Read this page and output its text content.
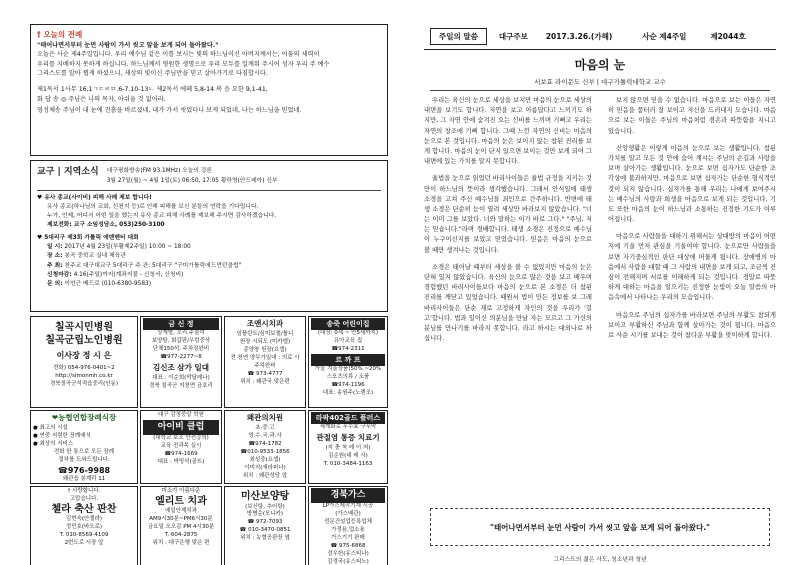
† 오늘의 전례
"태어나면서부터 눈먼 사람이 가서 씻고 앞을 보게 되어 돌아왔다."
오늘은 사순 제4주일입니다. 우리 예수님 같은 이를 보시는 빛의 하느님이신 아버지께서는, 어둠의 세력이
우리를 지배하지 못하게 하십니다. 하느님께서 영원한 생명으로 우리 모두를 일깨워 주시어 성자 우리 주 예수
그리스도를 알아 뵙게 하셨으니, 세상의 빛이신 주님만을 믿고 살아가기로 다짐합시다.
제1독서 1사무 16,1ㄱㄷㄹㅁ.6-7.10-13ㄴ 제2독서 에페 5,8-14 복 음 요한 9,1-41,
화 답 송 ◎ 주님은 나의 목자, 아쉬울 것 없어라.
영성체송 주님이 내 눈에 진흙을 바르셨네, 내가 가서 씻었더니 보게 되었네, 나는 하느님을 믿었네.
교구 | 지역소식 대구평화방송(FM 93.1MHz) 오늘의 강론
3월 27일(월) ~ 4월 1일(토) 06:50, 17:05 황하영(안드레아) 신부
♥ 유사 종교(사이비) 피해 사례 제보 합니다!
유사 종교(하나님의 교회, 신천지 등)로 인해 피해를 보신 분들의 연락을 기다립니다.
누가, 언제, 어디서 어떤 일을 했는지 유사 종교 피해 사례를 제보해 주시면 감사하겠습니다.
제보전화: 교구 소임성담소, 053)250-3100
♥ 5대리구 제3회 가톨릭 에덴벤터 대회
일 시: 2017년 4월 23일(부활제2주일) 10:00 ~ 18:00
장 소: 봉곡 중학교 실내 체육관
주 최: 천주교 대구대교구 5대리구 주 관: 5대리구 "구미가톨릭에드먼턴클럽"
신청마감: 4.16(주일)까지(계좌지불 - 신청서, 신청비)
문 의: 이언근 베드로 (010-6380-9583)
칠곡시민병원
칠곡군립노인병원
이사장 정 시 은
전화) 054-976-0401~2
http://simonmh.co.kr
경북칠곡군석적읍중리(인동)
금 신 정
상계형, 오리 주물럭
보양탕, 회갑판/우렁중삭
단체150석, 주차장완비
☎977-2277~8
김신조 삼가 일대
대표 : 이순희(막달레나)
경북 칠곡군 지천면 금호리
조앤시치과
임플란트/심미보철/틀니
원장 시되도 (미카엘)
종양창 원장(요셉)
전 천연 양무가일대 : 의료 사
주차완비
☎ 973-4777
위치 : 왜관국 맞은편
송죽 어린이집
(대상: 0세 ~ 만5세까지)
유아교육 집
☎974-2311
르 까 프
가을 겨울상품(50% ~20%
스포츠의류 / 소품
☎974-1196
대표: 송원주(노렌조)
❤농협연합장례식장
● 최고의 시설
● 연중 저렴한 장례예식
● 최상의 서비스
전화 한 통으로 모든 장례
절차를 도와드립니다.
☎976-9988
왜관읍 봉계리 11
대구 감정중앙 학원
아이비 클럽
(대학교 보조 안전강의)
교육 전과목 실시
☎974-1669
대표 : 박빙석(골뜨)
왜관의치원
초·중·고
영.수.국.과.사
☎974-1782
☎010-9533-1856
최성중(요셉)
이미지(새라피나)
위치 : 왜관성당 앞
라팍402골드 플러스
세계화로 무수효 구무막
관절염 통증 치료기
(지 충 척 레 이 저)
김순원(대 레 사)
T. 010-3484-1163
† 사랑합니다.
고맙습니다.
첼라 축산 판찬
김현숙(안젤라)
정민호(바오로)
T. 010-8569-4109
2번도로 시장 앞
미소가 아름다운
엘리트 치과
예일안제치과
AM9시30분~PM6시30분
금요일 오오감 PM 4시30분
T. 604-2875
위치 : 대구은행 맞은 편
미산보양탕
(보신탕, 추어탕)
방병순(모니카)
☎ 972-7093
☎ 010-3470-0851
위치 : 농협공판장 옆
경북가스
LP가스제작기계 시공
(가스배관)
전문건설업등록업체
가정용,업소용
가스기기 판매
☎ 975-6868
정우헌(유스티나)
김경국(유스티노)
주일의 말씀	대구주보 2017.3.26.(가해)	사순 제4주일	제2044호
마음의 눈
서보효 라이문도 신부 | 대구가톨릭대학교 교수

우리는 육신의 눈으로 세상을 보지만 마음의 눈으로 세상의 내면을 보기도 합니다. 자연을 보고 아름답다고 느끼기도 하지만, 그 자연 안에 숨겨진 오는 신비를 느끼며 기뻐고 우리는 자연의 창조에 기뻐 합니다. 그때 느낀 자연의 신비는 마음의 눈으로 본 것입니다. 마음의 눈은 보이지 않는 참된 진리를 보게 합니다. 마음의 눈이 단지 있으면 보이는 것만 보게 되어 그 내면에 있는 가치를 알지 못합니다.

율법을 눈으로 읽었던 바리사이들은 율법 규정을 지키는 것만이 하느님의 뜻이라 생각했습니다. 그래서 안식일에 태생 소경을 고쳐 주신 예수님을 죄인으로 간주하니다. 반면에 태생 소경은 단순히 눈이 열려 세상만 바라보지 않았습니다. "너는 이미 그를 보았다. 너와 말하는 이가 바로 그다." "주님, 저는 믿습니다."라며 경배합니다. 태생 소경은 진정으로 예수님이 누구이신지를 보았고 믿었습니다. 믿음은 마음의 눈으로 볼 때만 생겨나는 것입니다.

소경은 태어날 때부터 세상을 볼 수 없었지만 마음의 눈은 단혀 있지 않았습니다. 육신의 눈으로 많은 것을 보고 배우며 경험했던 바리사이들보다 마음의 눈으로 본 소경은 더 참된 진리를 깨닫고 있었습니다. 때원서 법이 만든 정보를 보 그래 바리사이들은 단순 재로 고정하게 자인의 것을 우리가 '걸고'합니다. 법과 일이신 의분님을 만날 자는 모르고 그 가신의 분님를 만나기를 바라지 못합니다. 라고 하시는 대외나로 하십니다.

보지 않으면 믿을 수 없습니다. 마음으로 보는 이들은 자연히 믿음을 품터러 잘 보이고 자신을 드러내지 도습니다. 마음으로 보는 이들은 주님의 마음처럼 겸손과 따뜻함을 지니고 있습니다.

신앙생활은 이렇게 마음의 눈으로 보는 생활입니다. 참된 가치를 알고 모든 것 안에 숨어 계시는 주님의 손길과 사랑을 보며 살아가는 생활입니다. 눈으로 보면 십자가도 단순한 조각상에 불과하지만, 마음으로 보면 십자가는 단순한 형식적인 것이 되지 않습니다. 십자가를 통해 우리는 나에게 보여주시는 예수님의 사랑과 희생을 마음으로 보게 되는 것입니다. 기도 또한 마음의 눈이 하느님과 소통하는 진정한 기도가 이루어집니다.

마음으로 사람들을 대하기 위해서는 상대방의 마음이 어떤 지에 기울 먼저 관심을 기울여야 합니다. 눈으로만 사람들을 보면 자기중심적인 판단 대상에 머물게 됩니다. 장애병의 마음에서 사람을 대할 때 그 사람의 내면을 보게 되고, 조금씩 진심이 전해지며 서로를 이해하게 되는 것입니다. 정말로 따뜻하게 대하는 마음을 일으키는 진정한 눈빛이 오늘 말씀의 마음속에서 나타나는 우리의 모습입니다.

마음으로 주님의 십자가를 바라보면 주님의 부활도 참되게 보이고 부활하신 주님과 함께 살아가는 것이 됩니다. 마음으로 사순 시기를 보내는 것이 참다운 부활을 맞이하게 합니다.

"태어나면서부터 눈먼 사람이 가서 씻고 앞을 보게 되어 돌아왔다."
그리스도의 젊은 사도, 청소년과 청년
